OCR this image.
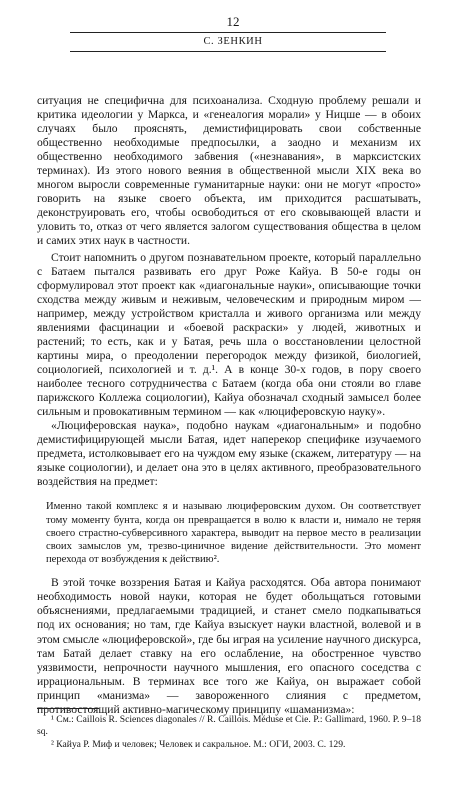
12
С. ЗЕНКИН

ситуация не специфична для психоанализа. Сходную проблему решали и критика идеологии у Маркса, и «генеалогия морали» у Ницше — в обоих случаях было прояснять, демистифицировать свои собственные общественно необходимые предпосылки, а заодно и механизм их общественно необходимого забвения («незнавания», в марксистских терминах). Из этого нового веяния в общественной мысли XIX века во многом выросли современные гуманитарные науки: они не могут «просто» говорить на языке своего объекта, им приходится расшатывать, деконструировать его, чтобы освободиться от его сковывающей власти и уловить то, отказ от чего является залогом существования общества в целом и самих этих наук в частности.

Стоит напомнить о другом познавательном проекте, который параллельно с Батаем пытался развивать его друг Роже Кайуа. В 50-е годы он сформулировал этот проект как «диагональные науки», описывающие точки сходства между живым и неживым, человеческим и природным миром — например, между устройством кристалла и живого организма или между явлениями фасцинации и «боевой раскраски» у людей, животных и растений; то есть, как и у Батая, речь шла о восстановлении целостной картины мира, о преодолении перегородок между физикой, биологией, социологией, психологией и т. д.¹. А в конце 30-х годов, в пору своего наиболее тесного сотрудничества с Батаем (когда оба они стояли во главе парижского Коллежа социологии), Кайуа обозначал сходный замысел более сильным и провокативным термином — как «люциферовскую науку».

«Люциферовская наука», подобно наукам «диагональным» и подобно демистифицирующей мысли Батая, идет наперекор специфике изучаемого предмета, истолковывает его на чуждом ему языке (скажем, литературу — на языке социологии), и делает она это в целях активного, преобразовательного воздействия на предмет:

Именно такой комплекс я и называю люциферовским духом. Он соответствует тому моменту бунта, когда он превращается в волю к власти и, нимало не теряя своего страстно-субверсивного характера, выводит на первое место в реализации своих замыслов ум, трезво-циничное видение действительности. Это момент перехода от возбуждения к действию².

В этой точке воззрения Батая и Кайуа расходятся. Оба автора понимают необходимость новой науки, которая не будет обольщаться готовыми объяснениями, предлагаемыми традицией, и станет смело подкапываться под их основания; но там, где Кайуа взыскует науки властной, волевой и в этом смысле «люциферовской», где бы играя на усиление научного дискурса, там Батай делает ставку на его ослабление, на обостренное чувство уязвимости, непрочности научного мышления, его опасного соседства с иррациональным. В терминах все того же Кайуа, он выражает собой принцип «манизма» — завороженного слияния с предметом, противостоящий активно-магическому принципу «шаманизма»:

¹ См.: Caillois R. Sciences diagonales // R. Caillois. Méduse et Cie. P.: Gallimard, 1960. P. 9–18 sq.

² Кайуа Р. Миф и человек; Человек и сакральное. М.: ОГИ, 2003. С. 129.
